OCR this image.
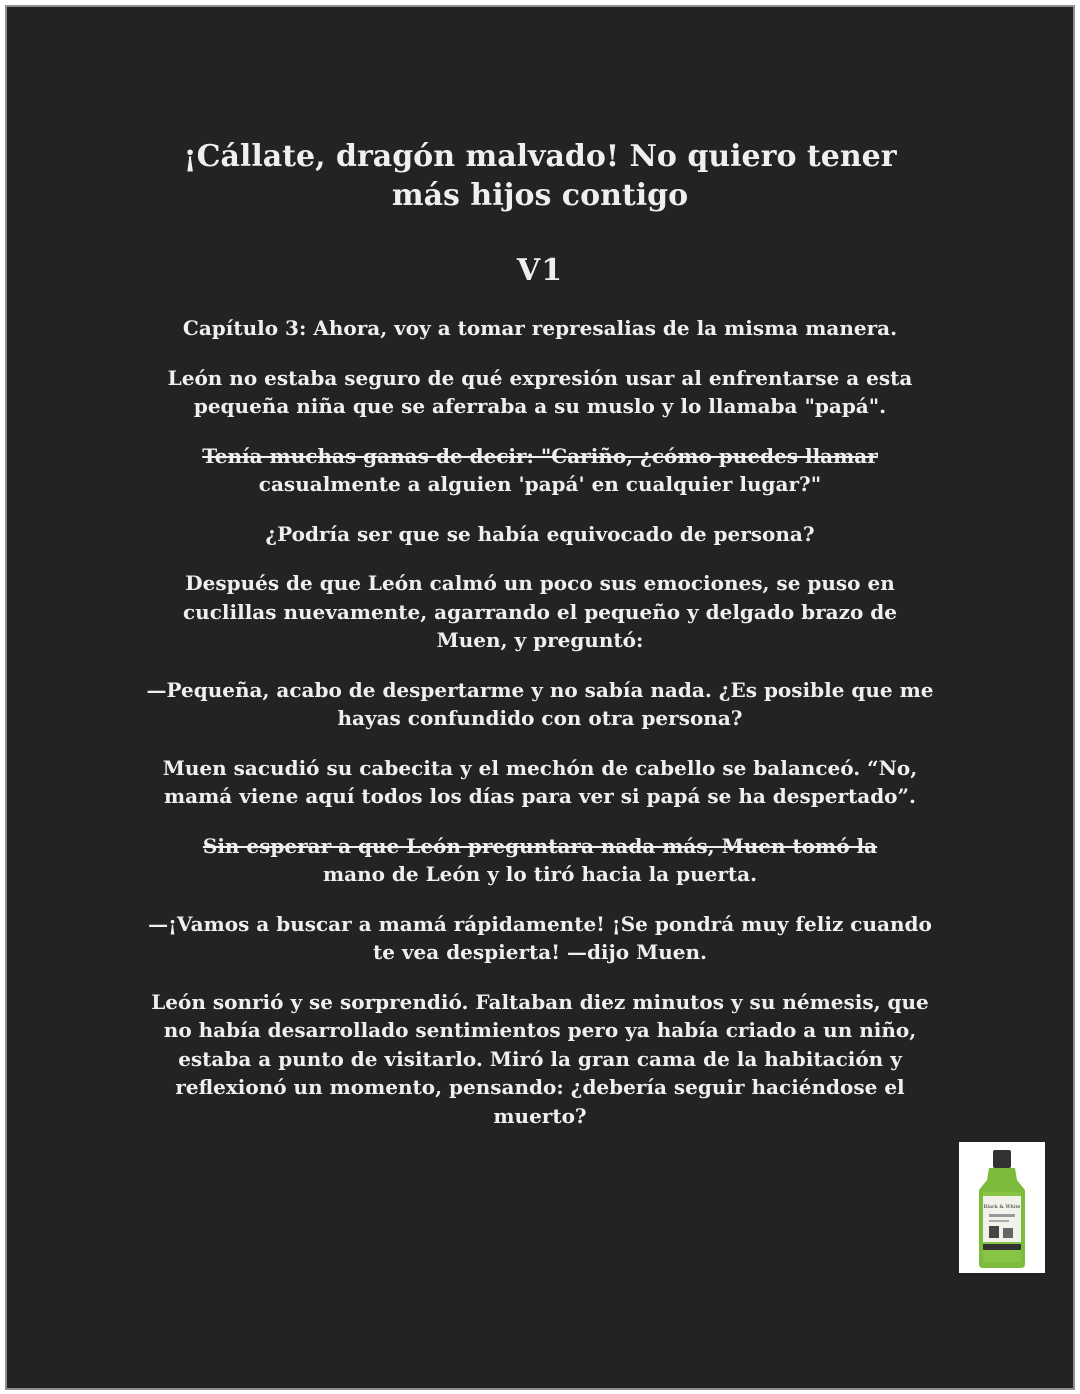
¡Cállate, dragón malvado! No quiero tener más hijos contigo
V1

Capítulo 3: Ahora, voy a tomar represalias de la misma manera.

León no estaba seguro de qué expresión usar al enfrentarse a esta pequeña niña que se aferraba a su muslo y lo llamaba "papá".

Tenía muchas ganas de decir: "Cariño, ¿cómo puedes llamar
casualmente a alguien 'papá' en cualquier lugar?"

¿Podría ser que se había equivocado de persona?

Después de que León calmó un poco sus emociones, se puso en cuclillas nuevamente, agarrando el pequeño y delgado brazo de Muen, y preguntó:

—Pequeña, acabo de despertarme y no sabía nada. ¿Es posible que me hayas confundido con otra persona?

Muen sacudió su cabecita y el mechón de cabello se balanceó. “No, mamá viene aquí todos los días para ver si papá se ha despertado”.

Sin esperar a que León preguntara nada más, Muen tomó la
mano de León y lo tiró hacia la puerta.

—¡Vamos a buscar a mamá rápidamente! ¡Se pondrá muy feliz cuando te vea despierta! —dijo Muen.

León sonrió y se sorprendió. Faltaban diez minutos y su némesis, que no había desarrollado sentimientos pero ya había criado a un niño, estaba a punto de visitarlo. Miró la gran cama de la habitación y reflexionó un momento, pensando: ¿debería seguir haciéndose el muerto?

Black & White
